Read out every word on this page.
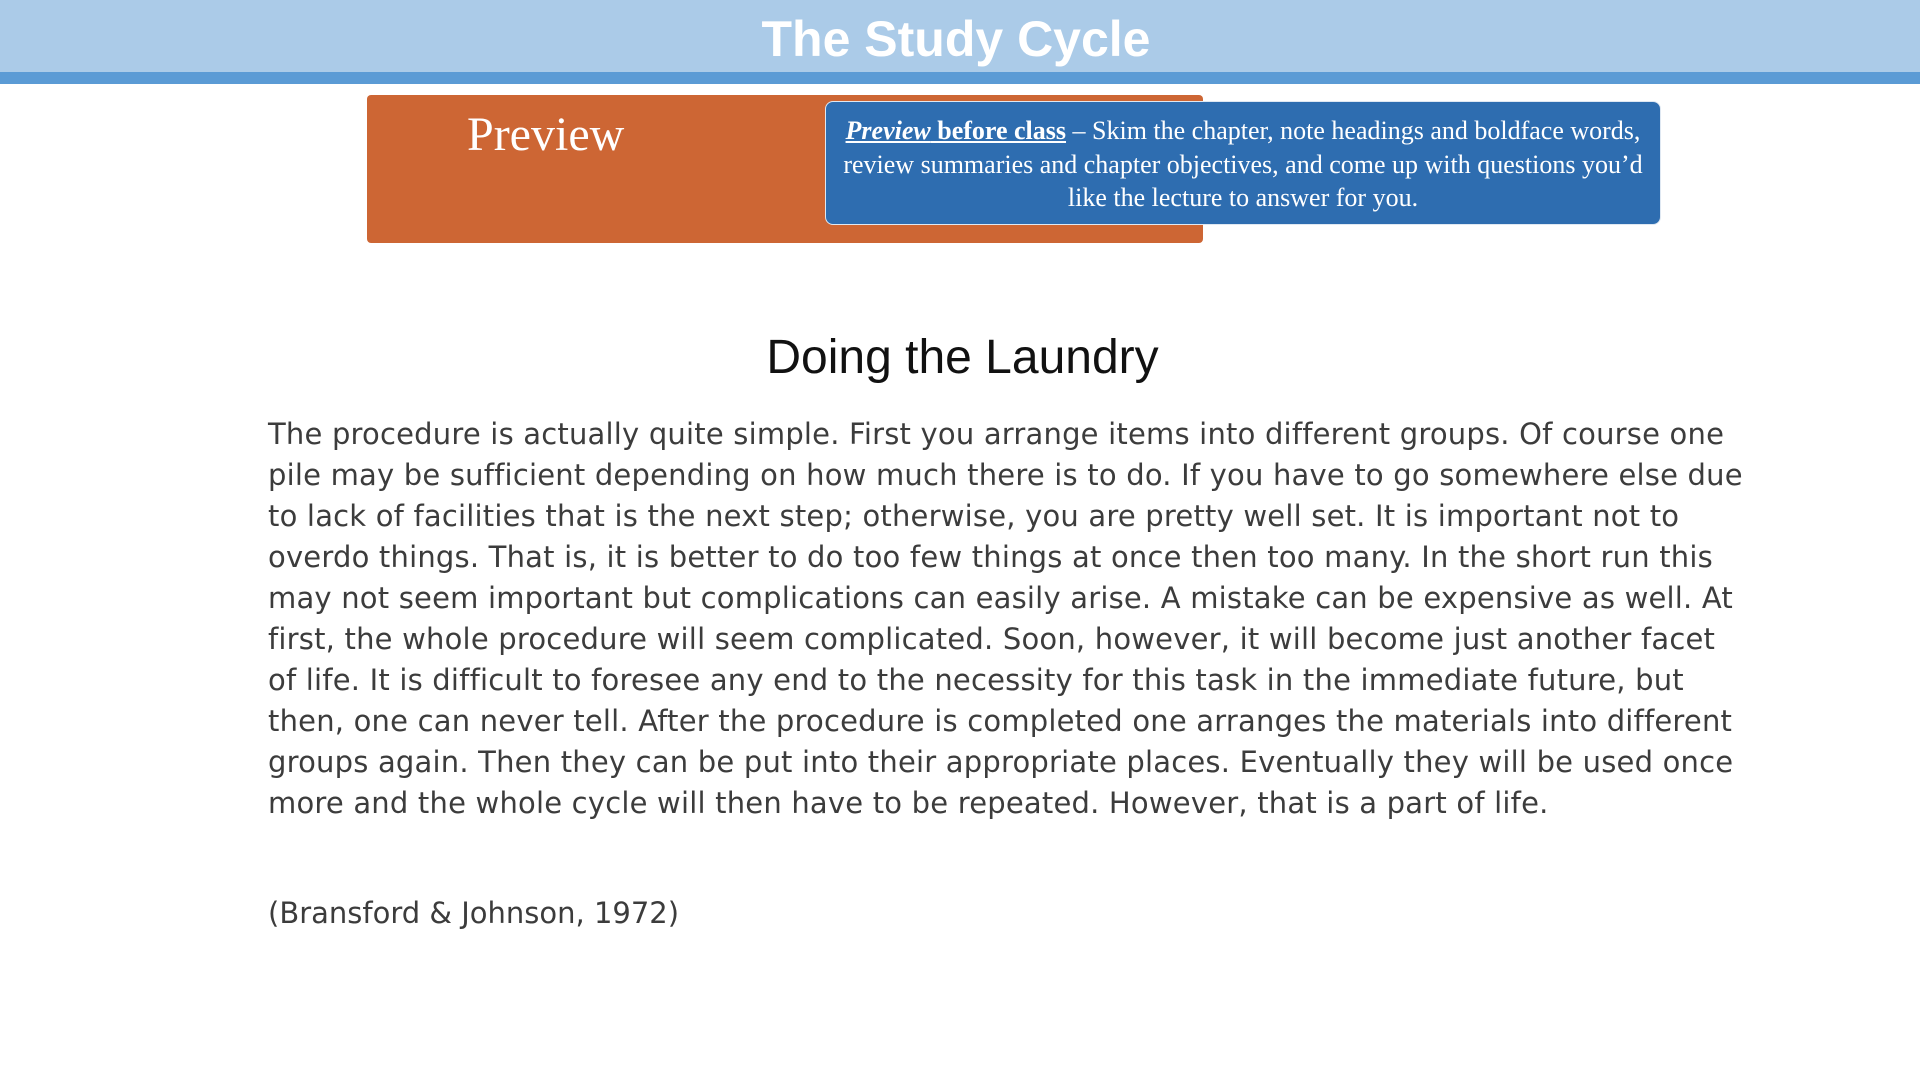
The Study Cycle
Preview	Preview before class – Skim the chapter, note headings and boldface words, review summaries and chapter objectives, and come up with questions you’d like the lecture to answer for you.
Doing the Laundry
The procedure is actually quite simple. First you arrange items into different groups. Of course one
pile may be sufficient depending on how much there is to do. If you have to go somewhere else due
to lack of facilities that is the next step; otherwise, you are pretty well set. It is important not to
overdo things. That is, it is better to do too few things at once then too many. In the short run this
may not seem important but complications can easily arise. A mistake can be expensive as well. At
first, the whole procedure will seem complicated. Soon, however, it will become just another facet
of life. It is difficult to foresee any end to the necessity for this task in the immediate future, but
then, one can never tell. After the procedure is completed one arranges the materials into different
groups again. Then they can be put into their appropriate places. Eventually they will be used once
more and the whole cycle will then have to be repeated. However, that is a part of life.
(Bransford & Johnson, 1972)
